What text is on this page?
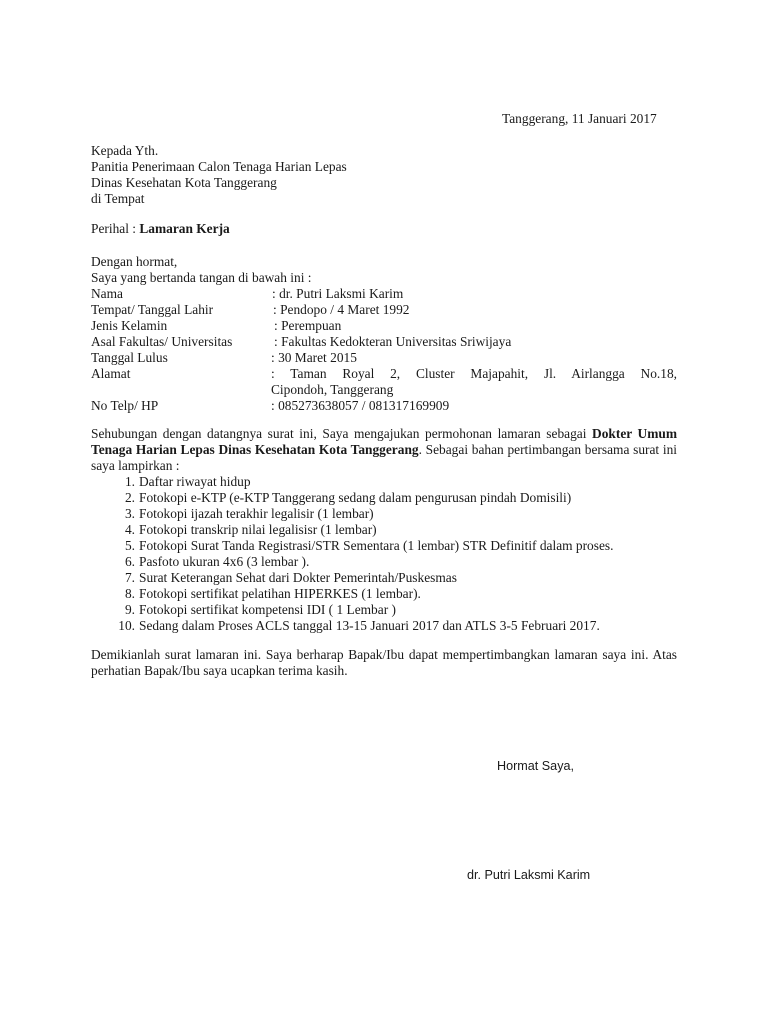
Tanggerang, 11 Januari 2017
Kepada Yth.
Panitia Penerimaan Calon Tenaga Harian Lepas
Dinas Kesehatan Kota Tanggerang
di Tempat
Perihal : Lamaran Kerja
Dengan hormat,
Saya yang bertanda tangan di bawah ini :
Nama	: dr. Putri Laksmi Karim
Tempat/ Tanggal Lahir	: Pendopo / 4 Maret 1992
Jenis Kelamin	: Perempuan
Asal Fakultas/ Universitas	: Fakultas Kedokteran Universitas Sriwijaya
Tanggal Lulus	: 30 Maret 2015
Alamat	: Taman Royal 2, Cluster Majapahit, Jl. Airlangga No.18,
Cipondoh, Tanggerang
No Telp/ HP	: 085273638057 / 081317169909
Sehubungan dengan datangnya surat ini, Saya mengajukan permohonan lamaran sebagai Dokter Umum Tenaga Harian Lepas Dinas Kesehatan Kota Tanggerang. Sebagai bahan pertimbangan bersama surat ini saya lampirkan :
1. Daftar riwayat hidup
2. Fotokopi e-KTP (e-KTP Tanggerang sedang dalam pengurusan pindah Domisili)
3. Fotokopi ijazah terakhir legalisir (1 lembar)
4. Fotokopi transkrip nilai legalisisr (1 lembar)
5. Fotokopi Surat Tanda Registrasi/STR Sementara (1 lembar) STR Definitif dalam proses.
6. Pasfoto ukuran 4x6 (3 lembar ).
7. Surat Keterangan Sehat dari Dokter Pemerintah/Puskesmas
8. Fotokopi sertifikat pelatihan HIPERKES (1 lembar).
9. Fotokopi sertifikat kompetensi IDI ( 1 Lembar )
10. Sedang dalam Proses ACLS tanggal 13-15 Januari 2017 dan ATLS 3-5 Februari 2017.
Demikianlah surat lamaran ini. Saya berharap Bapak/Ibu dapat mempertimbangkan lamaran saya ini. Atas perhatian Bapak/Ibu saya ucapkan terima kasih.
Hormat Saya,
dr. Putri Laksmi Karim
